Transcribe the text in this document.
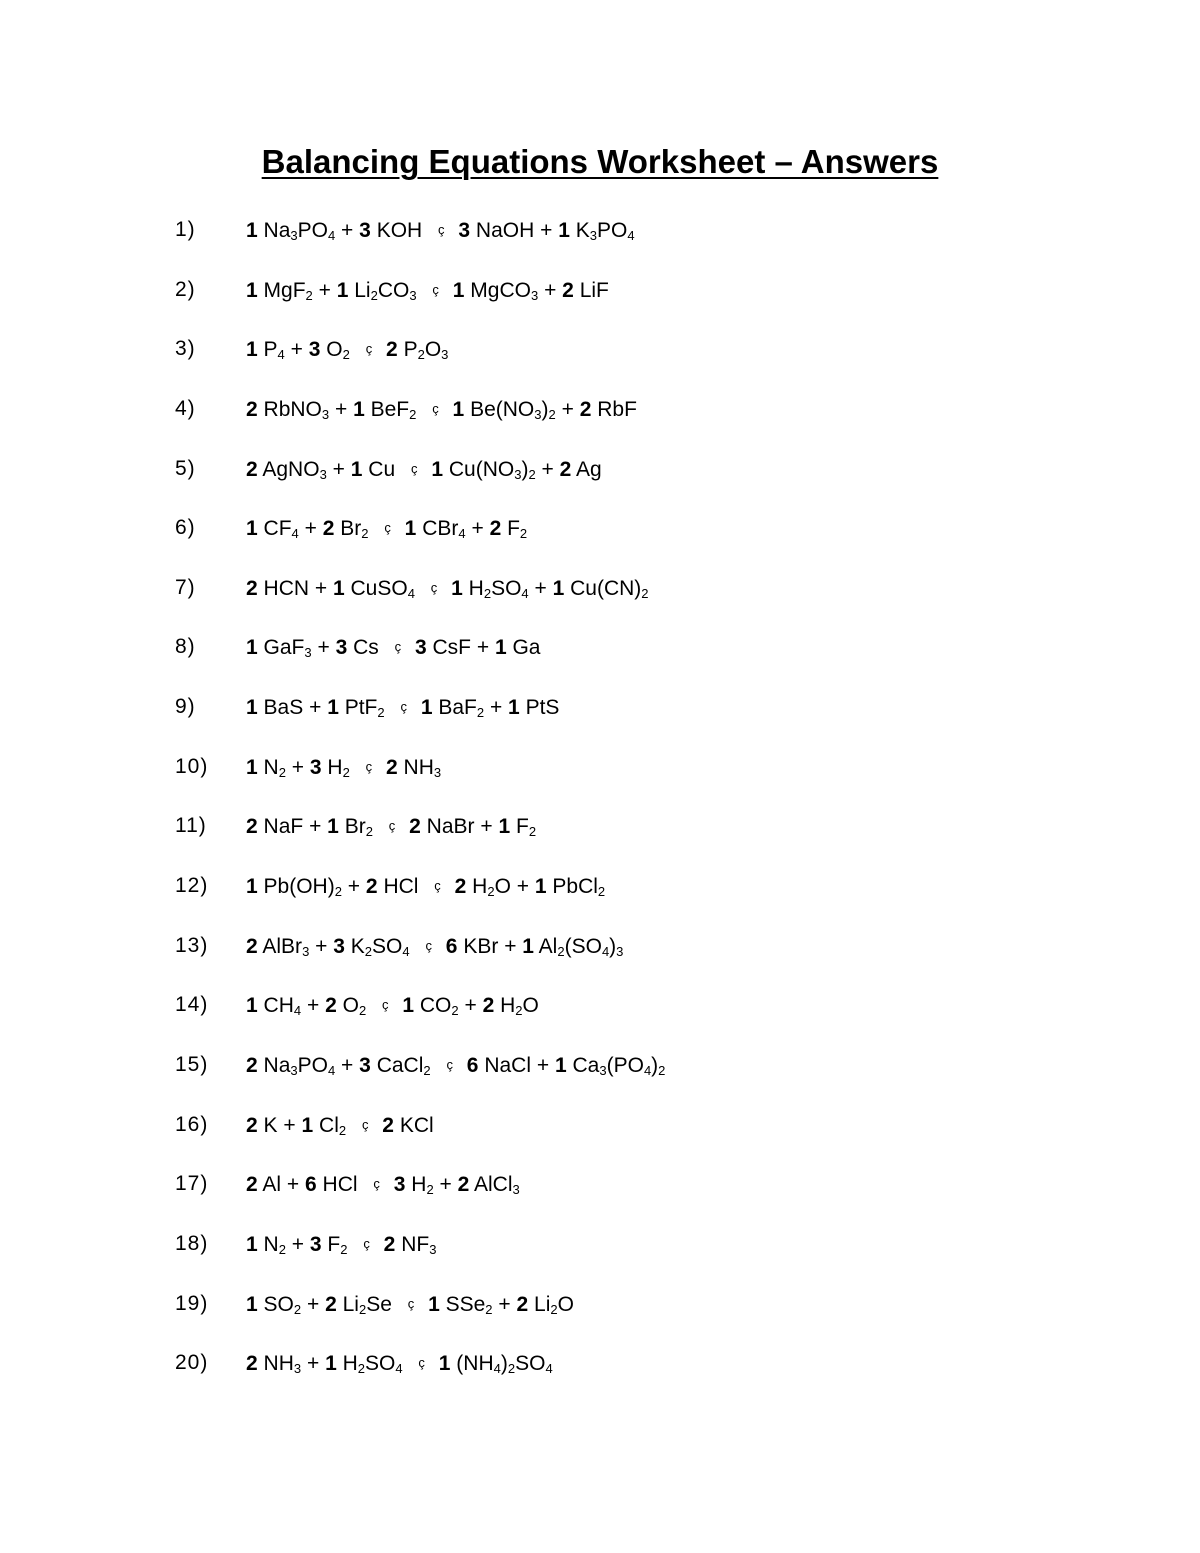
Balancing Equations Worksheet – Answers
1) 1 $Na_3PO_4 + 3$ KOH ç 3 NaOH + 1 $K_3PO_4$
2) 1 MgF$_2$ + 1 $Li_2CO_3$ ç 1 MgCO$_3$ + 2 LiF
3) 1 $P_4 + 3$ $O_2$ ç 2 $P_2O_3$
4) 2 RbNO$_3$ + 1 BeF$_2$ ç 1 $Be(NO_3)_2 + 2$ RbF
5) 2 AgNO$_3$ + 1 Cu ç 1 $Cu(NO_3)_2 + 2$ Ag
6) 1 $CF_4 + 2$ $Br_2$ ç 1 CBr$_4$ + 2 $F_2$
7) 2 HCN + 1 CuSO$_4$ ç 1 $H_2SO_4 + 1$ $Cu(CN)_2$
8) 1 GaF$_3$ + 3 Cs ç 3 CsF + 1 Ga
9) 1 BaS + 1 PtF$_2$ ç 1 BaF$_2$ + 1 PtS
10) 1 $N_2 + 3$ $H_2$ ç 2 $NH_3$
11) 2 NaF + 1 $Br_2$ ç 2 NaBr + 1 $F_2$
12) 1 $Pb(OH)_2 + 2$ HCl ç 2 $H_2O + 1$ PbCl$_2$
13) 2 AlBr$_3$ + 3 $K_2SO_4$ ç 6 KBr + 1 $Al_2(SO_4)_3$
14) 1 $CH_4 + 2$ $O_2$ ç 1 $CO_2 + 2$ $H_2O$
15) 2 $Na_3PO_4 + 3$ CaCl$_2$ ç 6 NaCl + 1 $Ca_3(PO_4)_2$
16) 2 K + 1 $Cl_2$ ç 2 KCl
17) 2 Al + 6 HCl ç 3 $H_2 + 2$ AlCl$_3$
18) 1 $N_2 + 3$ $F_2$ ç 2 $NF_3$
19) 1 $SO_2 + 2$ $Li_2Se$ ç 1 SSe$_2$ + 2 $Li_2O$
20) 2 $NH_3 + 1$ $H_2SO_4$ ç 1 $(NH_4)_2SO_4$
